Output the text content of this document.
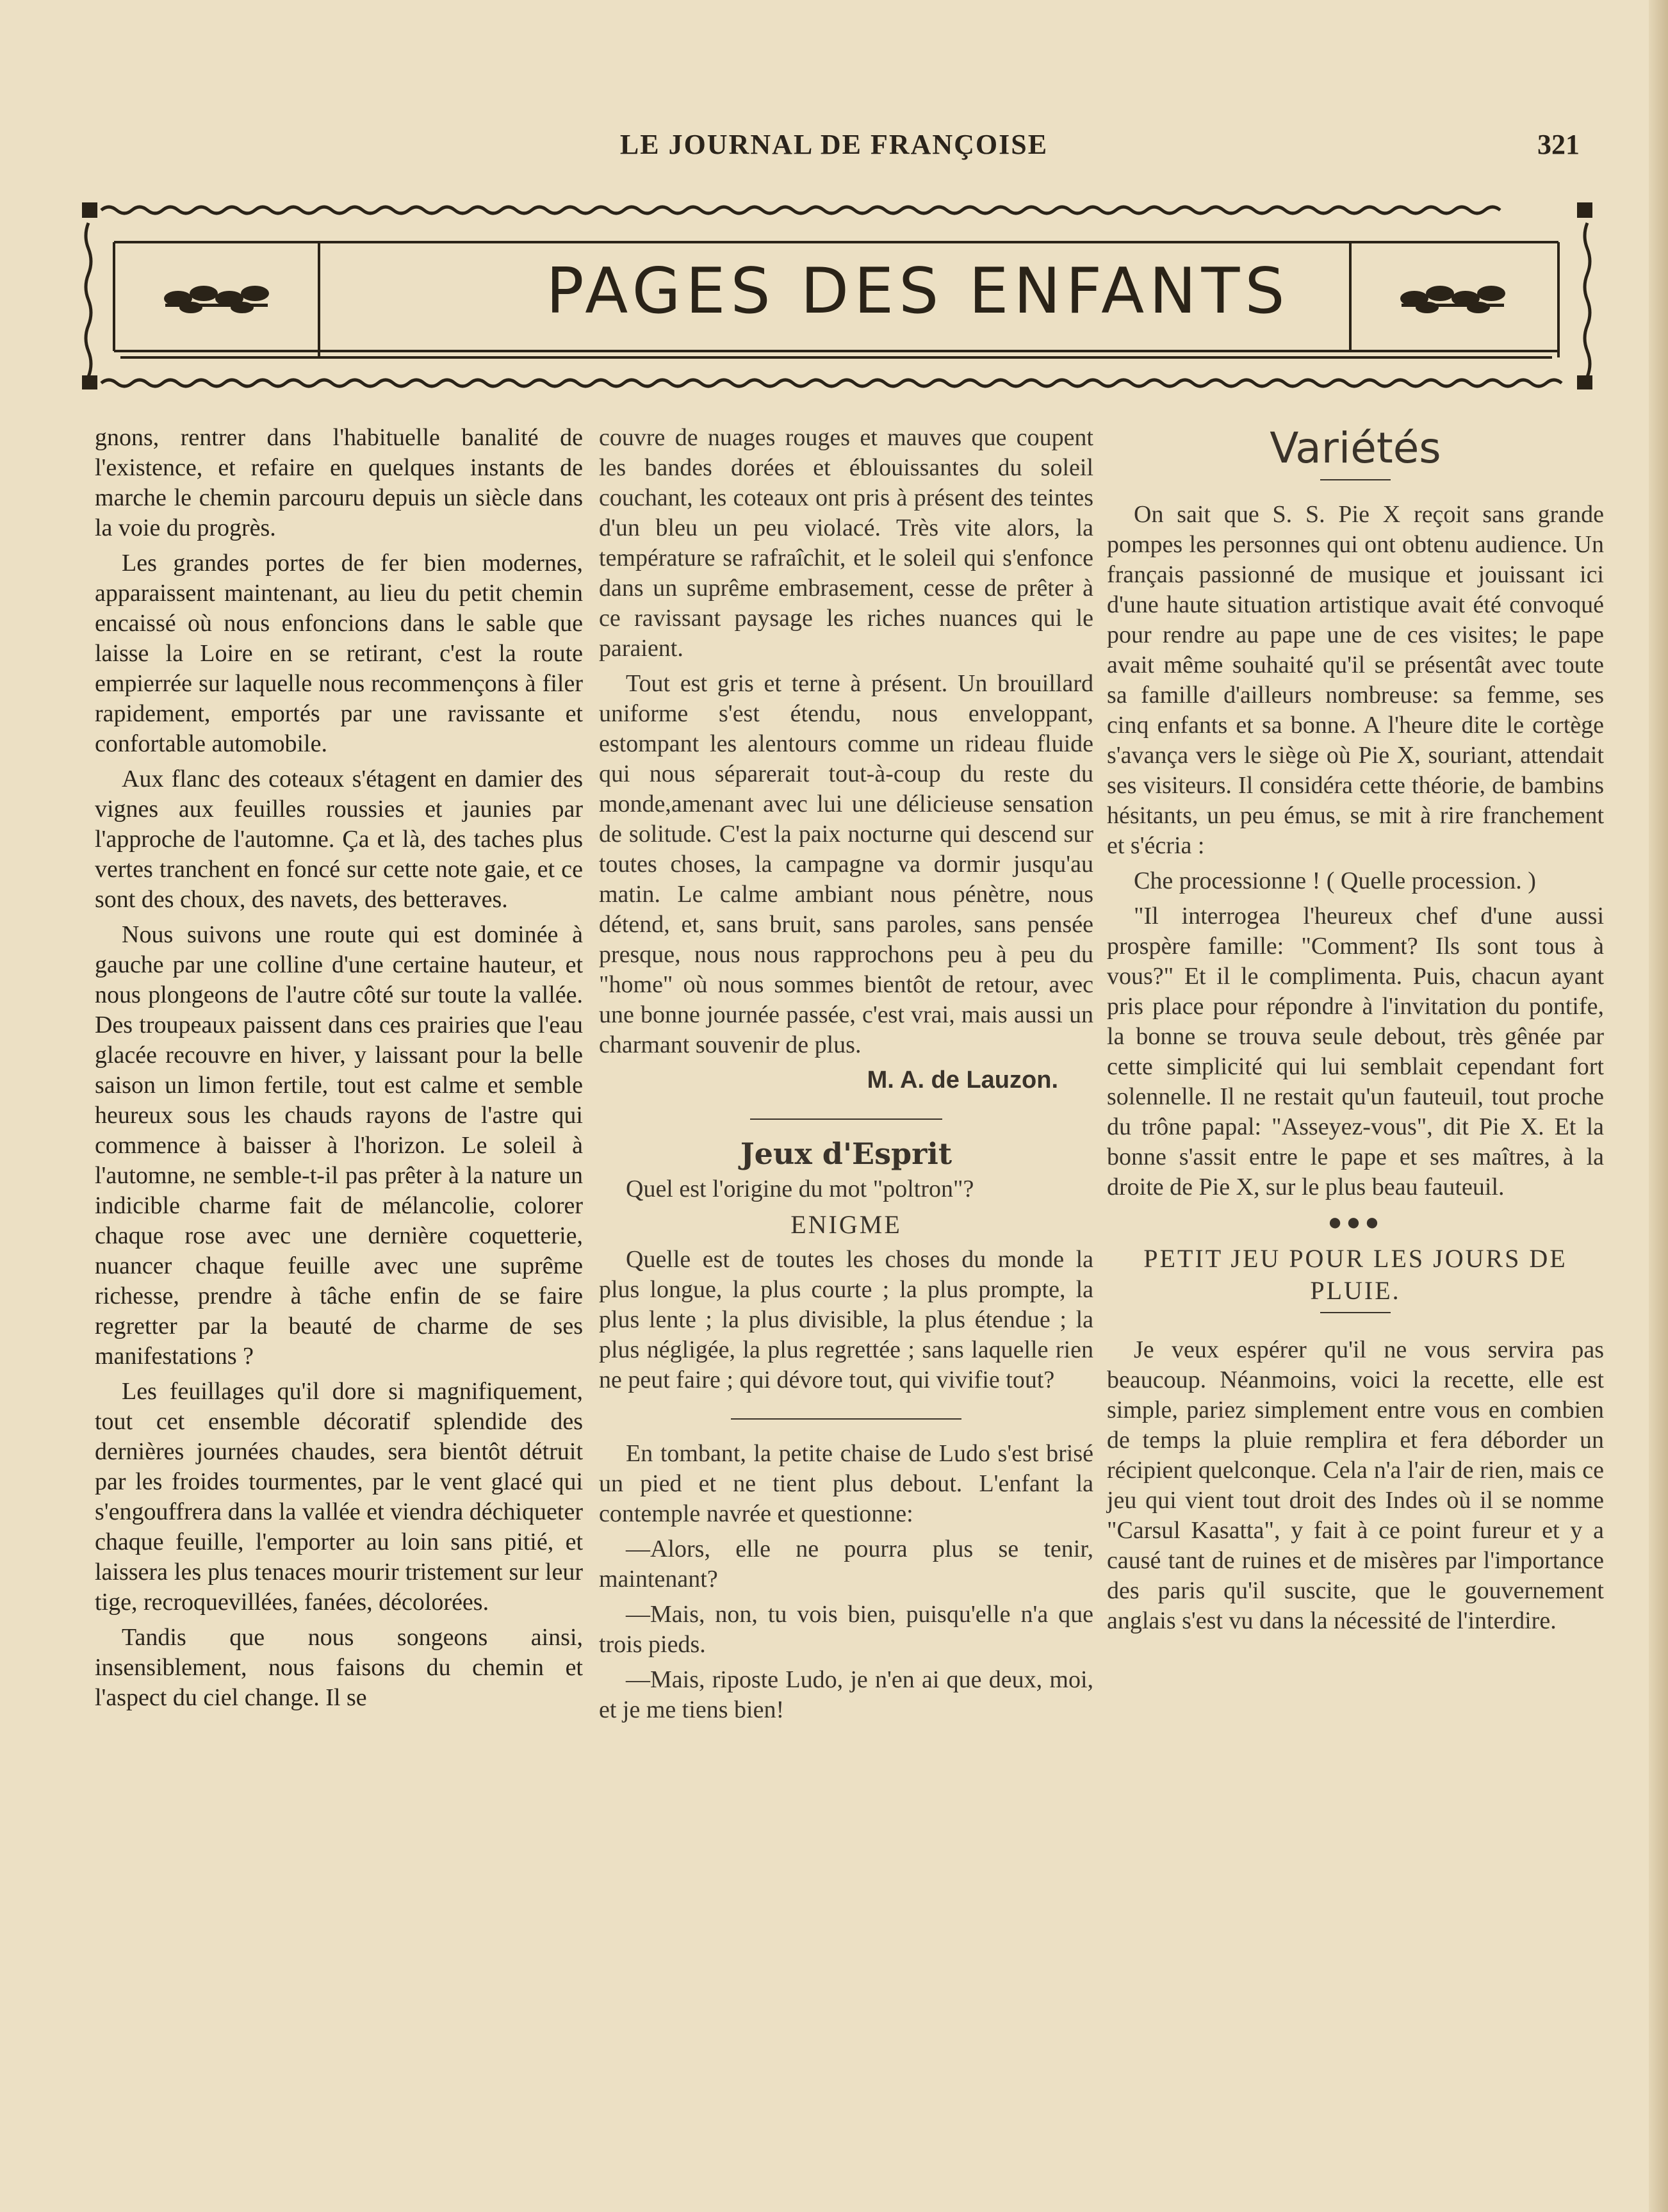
LE JOURNAL DE FRANÇOISE	321
PAGES DES ENFANTS

gnons, rentrer dans l'habituelle banalité de l'existence, et refaire en quelques instants de marche le chemin parcouru depuis un siècle dans la voie du progrès.

Les grandes portes de fer bien modernes, apparaissent maintenant, au lieu du petit chemin encaissé où nous enfoncions dans le sable que laisse la Loire en se retirant, c'est la route empierrée sur laquelle nous recommençons à filer rapidement, emportés par une ravissante et confortable automobile.

Aux flanc des coteaux s'étagent en damier des vignes aux feuilles roussies et jaunies par l'approche de l'automne. Ça et là, des taches plus vertes tranchent en foncé sur cette note gaie, et ce sont des choux, des navets, des betteraves.

Nous suivons une route qui est dominée à gauche par une colline d'une certaine hauteur, et nous plongeons de l'autre côté sur toute la vallée. Des troupeaux paissent dans ces prairies que l'eau glacée recouvre en hiver, y laissant pour la belle saison un limon fertile, tout est calme et semble heureux sous les chauds rayons de l'astre qui commence à baisser à l'horizon. Le soleil à l'automne, ne semble-t-il pas prêter à la nature un indicible charme fait de mélancolie, colorer chaque rose avec une dernière coquetterie, nuancer chaque feuille avec une suprême richesse, prendre à tâche enfin de se faire regretter par la beauté de charme de ses manifestations ?

Les feuillages qu'il dore si magnifiquement, tout cet ensemble décoratif splendide des dernières journées chaudes, sera bientôt détruit par les froides tourmentes, par le vent glacé qui s'engouffrera dans la vallée et viendra déchiqueter chaque feuille, l'emporter au loin sans pitié, et laissera les plus tenaces mourir tristement sur leur tige, recroquevillées, fanées, décolorées.

Tandis que nous songeons ainsi, insensiblement, nous faisons du chemin et l'aspect du ciel change. Il se

couvre de nuages rouges et mauves que coupent les bandes dorées et éblouissantes du soleil couchant, les coteaux ont pris à présent des teintes d'un bleu un peu violacé. Très vite alors, la température se rafraîchit, et le soleil qui s'enfonce dans un suprême embrasement, cesse de prêter à ce ravissant paysage les riches nuances qui le paraient.

Tout est gris et terne à présent. Un brouillard uniforme s'est étendu, nous enveloppant, estompant les alentours comme un rideau fluide qui nous séparerait tout-à-coup du reste du monde,amenant avec lui une délicieuse sensation de solitude. C'est la paix nocturne qui descend sur toutes choses, la campagne va dormir jusqu'au matin. Le calme ambiant nous pénètre, nous détend, et, sans bruit, sans paroles, sans pensée presque, nous nous rapprochons peu à peu du "home" où nous sommes bientôt de retour, avec une bonne journée passée, c'est vrai, mais aussi un charmant souvenir de plus.

M. A. de Lauzon.

Jeux d'Esprit

Quel est l'origine du mot "poltron"?

ENIGME

Quelle est de toutes les choses du monde la plus longue, la plus courte ; la plus prompte, la plus lente ; la plus divisible, la plus étendue ; la plus négligée, la plus regrettée ; sans laquelle rien ne peut faire ; qui dévore tout, qui vivifie tout?

En tombant, la petite chaise de Ludo s'est brisé un pied et ne tient plus debout. L'enfant la contemple navrée et questionne:

—Alors, elle ne pourra plus se tenir, maintenant?

—Mais, non, tu vois bien, puisqu'elle n'a que trois pieds.

—Mais, riposte Ludo, je n'en ai que deux, moi, et je me tiens bien!

Variétés

On sait que S. S. Pie X reçoit sans grande pompes les personnes qui ont obtenu audience. Un français passionné de musique et jouissant ici d'une haute situation artistique avait été convoqué pour rendre au pape une de ces visites; le pape avait même souhaité qu'il se présentât avec toute sa famille d'ailleurs nombreuse: sa femme, ses cinq enfants et sa bonne. A l'heure dite le cortège s'avança vers le siège où Pie X, souriant, attendait ses visiteurs. Il considéra cette théorie, de bambins hésitants, un peu émus, se mit à rire franchement et s'écria :

Che processionne ! ( Quelle procession. )

"Il interrogea l'heureux chef d'une aussi prospère famille: "Comment? Ils sont tous à vous?" Et il le complimenta. Puis, chacun ayant pris place pour répondre à l'invitation du pontife, la bonne se trouva seule debout, très gênée par cette simplicité qui lui semblait cependant fort solennelle. Il ne restait qu'un fauteuil, tout proche du trône papal: "Asseyez-vous", dit Pie X. Et la bonne s'assit entre le pape et ses maîtres, à la droite de Pie X, sur le plus beau fauteuil.

●●●

PETIT JEU POUR LES JOURS DE PLUIE.

Je veux espérer qu'il ne vous servira pas beaucoup. Néanmoins, voici la recette, elle est simple, pariez simplement entre vous en combien de temps la pluie remplira et fera déborder un récipient quelconque. Cela n'a l'air de rien, mais ce jeu qui vient tout droit des Indes où il se nomme "Carsul Kasatta", y fait à ce point fureur et y a causé tant de ruines et de misères par l'importance des paris qu'il suscite, que le gouvernement anglais s'est vu dans la nécessité de l'interdire.
